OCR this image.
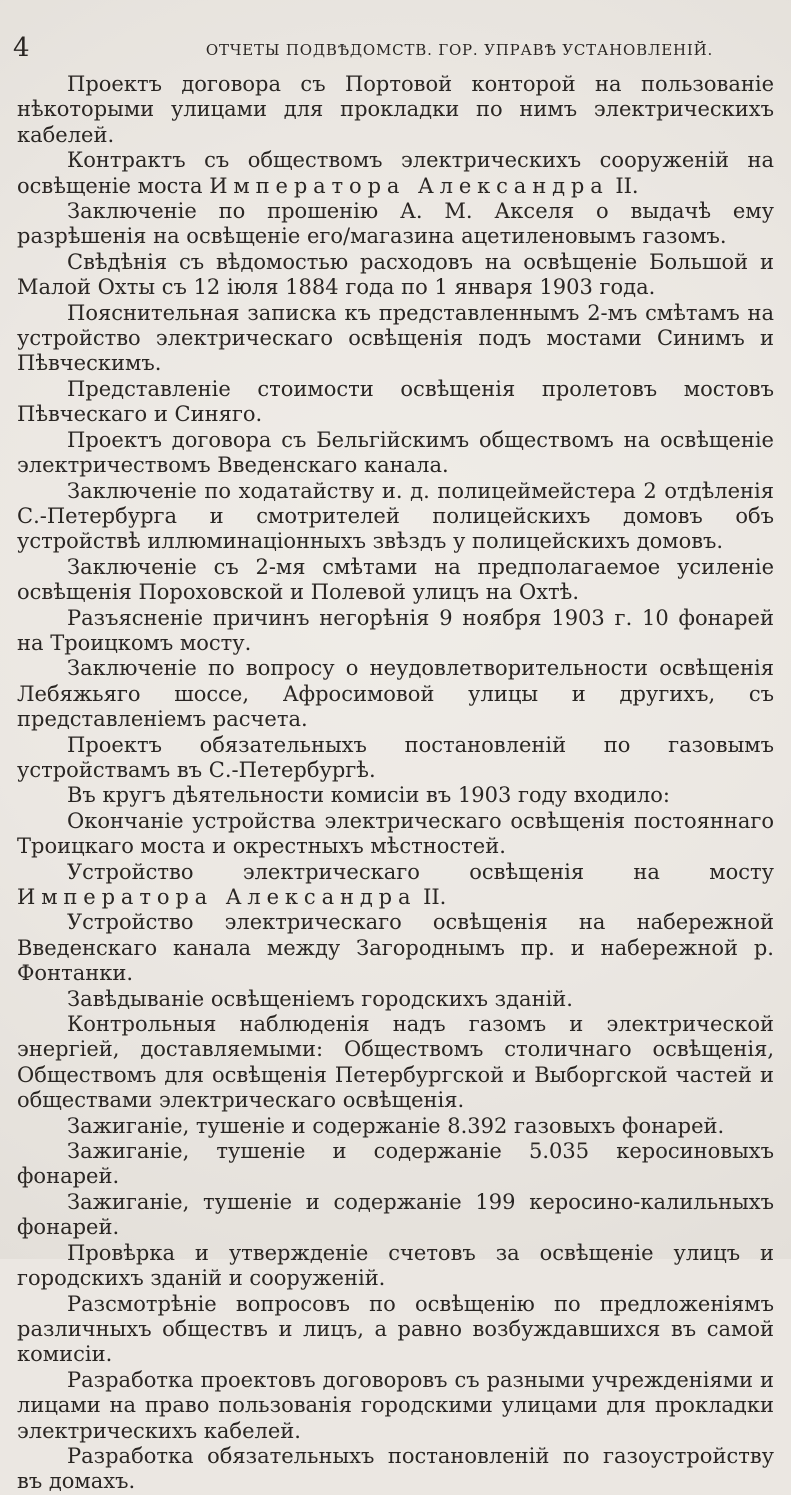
4	ОТЧЕТЫ ПОДВѢДОМСТВ. ГОР. УПРАВѢ УСТАНОВЛЕНІЙ.

Проектъ договора съ Портовой конторой на пользованіе нѣкоторыми улицами для прокладки по нимъ электрическихъ кабелей.

Контрактъ съ обществомъ электрическихъ сооруженій на освѣщеніе моста Императора Александра II.

Заключеніе по прошенію А. М. Акселя о выдачѣ ему разрѣшенія на освѣщеніе его/магазина ацетиленовымъ газомъ.

Свѣдѣнія съ вѣдомостью расходовъ на освѣщеніе Большой и Малой Охты съ 12 іюля 1884 года по 1 января 1903 года.

Пояснительная записка къ представленнымъ 2-мъ смѣтамъ на устройство электрическаго освѣщенія подъ мостами Синимъ и Пѣвческимъ.

Представленіе стоимости освѣщенія пролетовъ мостовъ Пѣвческаго и Синяго.

Проектъ договора съ Бельгійскимъ обществомъ на освѣщеніе электричествомъ Введенскаго канала.

Заключеніе по ходатайству и. д. полицеймейстера 2 отдѣленія С.-Петербурга и смотрителей полицейскихъ домовъ объ устройствѣ иллюминаціонныхъ звѣздъ у полицейскихъ домовъ.

Заключеніе съ 2-мя смѣтами на предполагаемое усиленіе освѣщенія Пороховской и Полевой улицъ на Охтѣ.

Разъясненіе причинъ негорѣнія 9 ноября 1903 г. 10 фонарей на Троицкомъ мосту.

Заключеніе по вопросу о неудовлетворительности освѣщенія Лебяжьяго шоссе, Афросимовой улицы и другихъ, съ представленіемъ расчета.

Проектъ обязательныхъ постановленій по газовымъ устройствамъ въ С.-Петербургѣ.

Въ кругъ дѣятельности комисіи въ 1903 году входило:

Окончаніе устройства электрическаго освѣщенія постояннаго Троицкаго моста и окрестныхъ мѣстностей.

Устройство электрическаго освѣщенія на мосту Императора Александра II.

Устройство электрическаго освѣщенія на набережной Введенскаго канала между Загороднымъ пр. и набережной р. Фонтанки.

Завѣдываніе освѣщеніемъ городскихъ зданій.

Контрольныя наблюденія надъ газомъ и электрической энергіей, доставляемыми: Обществомъ столичнаго освѣщенія, Обществомъ для освѣщенія Петербургской и Выборгской частей и обществами электрическаго освѣщенія.

Зажиганіе, тушеніе и содержаніе 8.392 газовыхъ фонарей.

Зажиганіе, тушеніе и содержаніе 5.035 керосиновыхъ фонарей.

Зажиганіе, тушеніе и содержаніе 199 керосино-калильныхъ фонарей.

Провѣрка и утвержденіе счетовъ за освѣщеніе улицъ и городскихъ зданій и сооруженій.

Разсмотрѣніе вопросовъ по освѣщенію по предложеніямъ различныхъ обществъ и лицъ, а равно возбуждавшихся въ самой комисіи.

Разработка проектовъ договоровъ съ разными учрежденіями и лицами на право пользованія городскими улицами для прокладки электрическихъ кабелей.

Разработка обязательныхъ постановленій по газоустройству въ домахъ.
